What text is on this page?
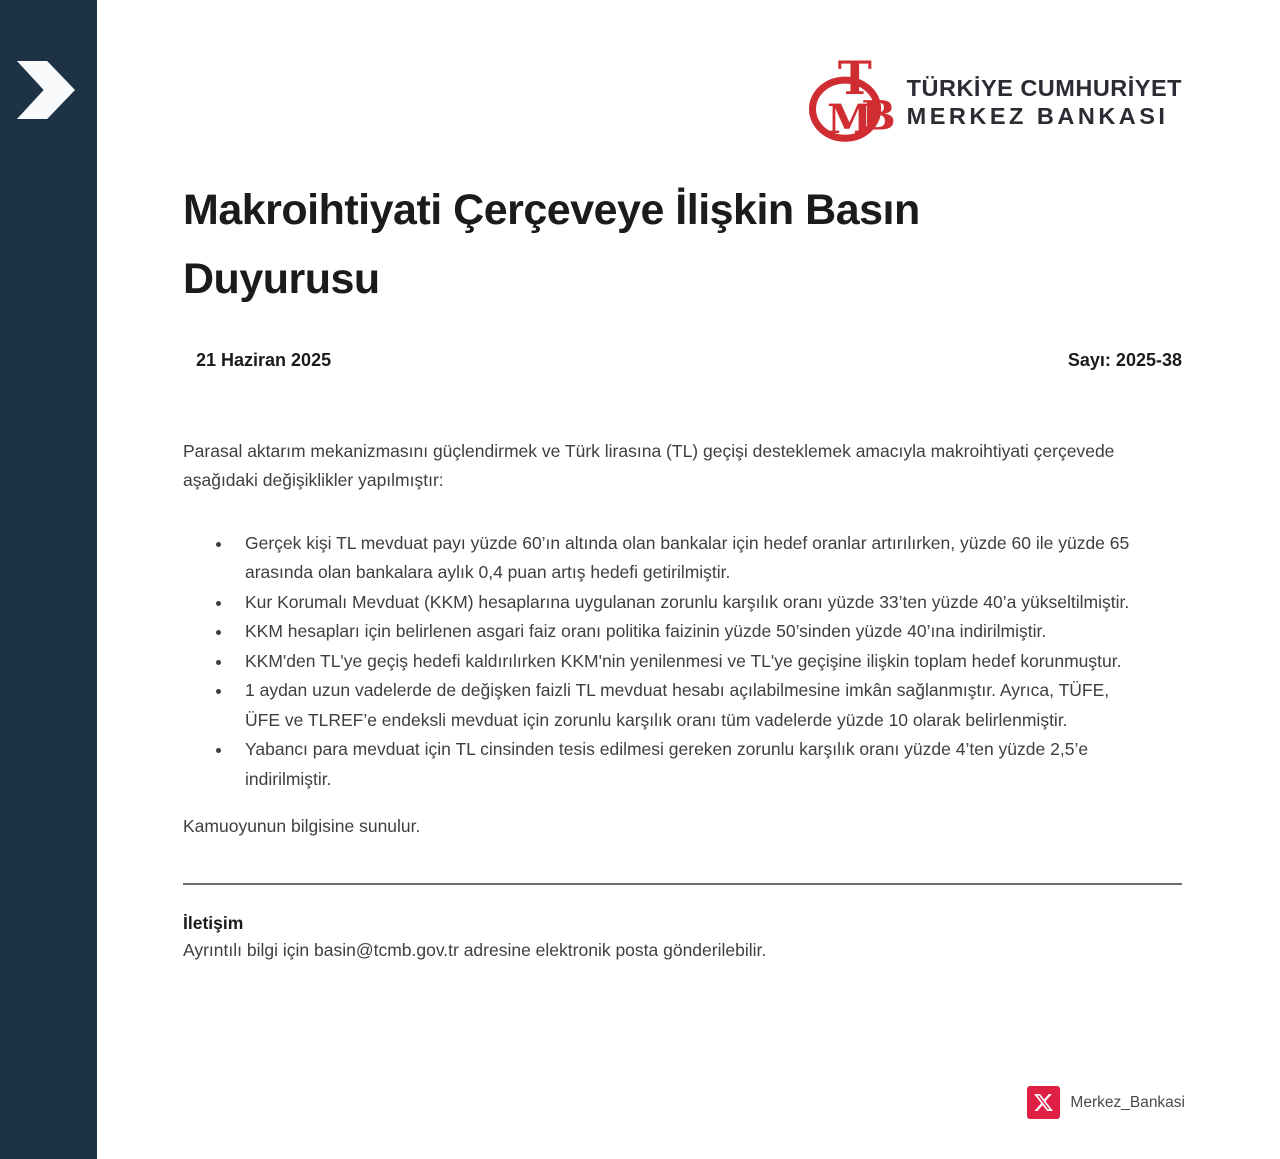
T
M
B
TÜRKİYE CUMHURİYET
MERKEZ BANKASI
Makroihtiyati Çerçeveye İlişkin Basın Duyurusu
21 Haziran 2025	Sayı: 2025-38

Parasal aktarım mekanizmasını güçlendirmek ve Türk lirasına (TL) geçişi desteklemek amacıyla makroihtiyati çerçevede aşağıdaki değişiklikler yapılmıştır:

• Gerçek kişi TL mevduat payı yüzde 60’ın altında olan bankalar için hedef oranlar artırılırken, yüzde 60 ile yüzde 65 arasında olan bankalara aylık 0,4 puan artış hedefi getirilmiştir.
• Kur Korumalı Mevduat (KKM) hesaplarına uygulanan zorunlu karşılık oranı yüzde 33’ten yüzde 40’a yükseltilmiştir.
• KKM hesapları için belirlenen asgari faiz oranı politika faizinin yüzde 50’sinden yüzde 40’ına indirilmiştir.
• KKM'den TL'ye geçiş hedefi kaldırılırken KKM'nin yenilenmesi ve TL'ye geçişine ilişkin toplam hedef korunmuştur.
• 1 aydan uzun vadelerde de değişken faizli TL mevduat hesabı açılabilmesine imkân sağlanmıştır. Ayrıca, TÜFE, ÜFE ve TLREF’e endeksli mevduat için zorunlu karşılık oranı tüm vadelerde yüzde 10 olarak belirlenmiştir.
• Yabancı para mevduat için TL cinsinden tesis edilmesi gereken zorunlu karşılık oranı yüzde 4’ten yüzde 2,5’e indirilmiştir.

Kamuoyunun bilgisine sunulur.

İletişim

Ayrıntılı bilgi için basin@tcmb.gov.tr adresine elektronik posta gönderilebilir.

Merkez_Bankasi
